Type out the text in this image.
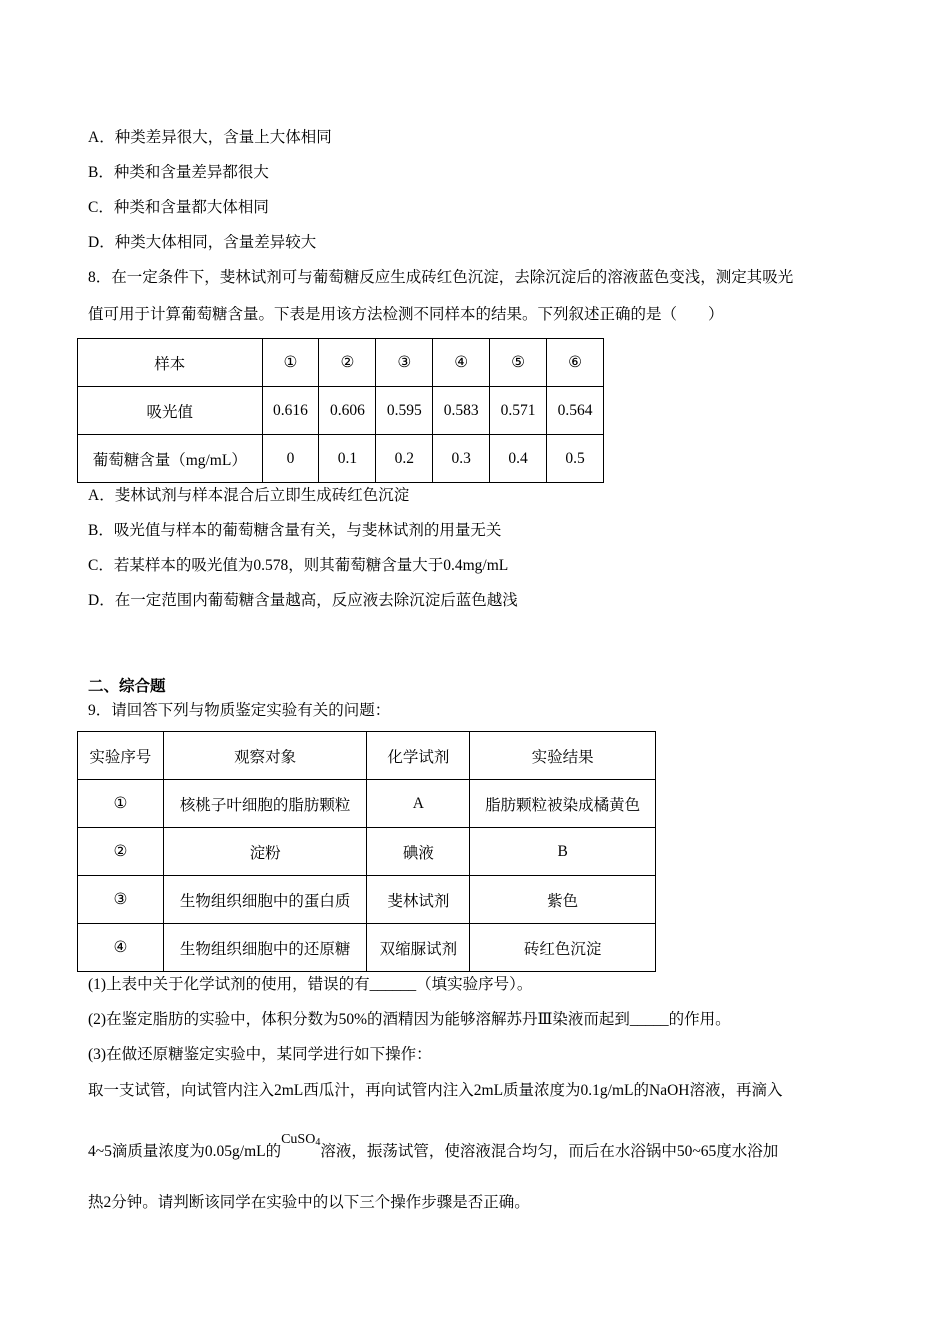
A．种类差异很大，含量上大体相同
B．种类和含量差异都很大
C．种类和含量都大体相同
D．种类大体相同，含量差异较大
8．在一定条件下，斐林试剂可与葡萄糖反应生成砖红色沉淀，去除沉淀后的溶液蓝色变浅，测定其吸光
值可用于计算葡萄糖含量。下表是用该方法检测不同样本的结果。下列叙述正确的是（　　）
样本	①	②	③	④	⑤	⑥
吸光值	0.616	0.606	0.595	0.583	0.571	0.564
葡萄糖含量（mg/mL）	0	0.1	0.2	0.3	0.4	0.5
A．斐林试剂与样本混合后立即生成砖红色沉淀
B．吸光值与样本的葡萄糖含量有关，与斐林试剂的用量无关
C．若某样本的吸光值为0.578，则其葡萄糖含量大于0.4mg/mL
D．在一定范围内葡萄糖含量越高，反应液去除沉淀后蓝色越浅
二、综合题
9．请回答下列与物质鉴定实验有关的问题：
实验序号	观察对象	化学试剂	实验结果
①	核桃子叶细胞的脂肪颗粒	A	脂肪颗粒被染成橘黄色
②	淀粉	碘液	B
③	生物组织细胞中的蛋白质	斐林试剂	紫色
④	生物组织细胞中的还原糖	双缩脲试剂	砖红色沉淀
(1)上表中关于化学试剂的使用，错误的有______（填实验序号）。
(2)在鉴定脂肪的实验中，体积分数为50%的酒精因为能够溶解苏丹Ⅲ染液而起到_____的作用。
(3)在做还原糖鉴定实验中，某同学进行如下操作：
取一支试管，向试管内注入2mL西瓜汁，再向试管内注入2mL质量浓度为0.1g/mL的NaOH溶液，再滴入
4~5滴质量浓度为0.05g/mL的CuSO$^4$溶液，振荡试管，使溶液混合均匀，而后在水浴锅中50~65度水浴加
热2分钟。请判断该同学在实验中的以下三个操作步骤是否正确。
